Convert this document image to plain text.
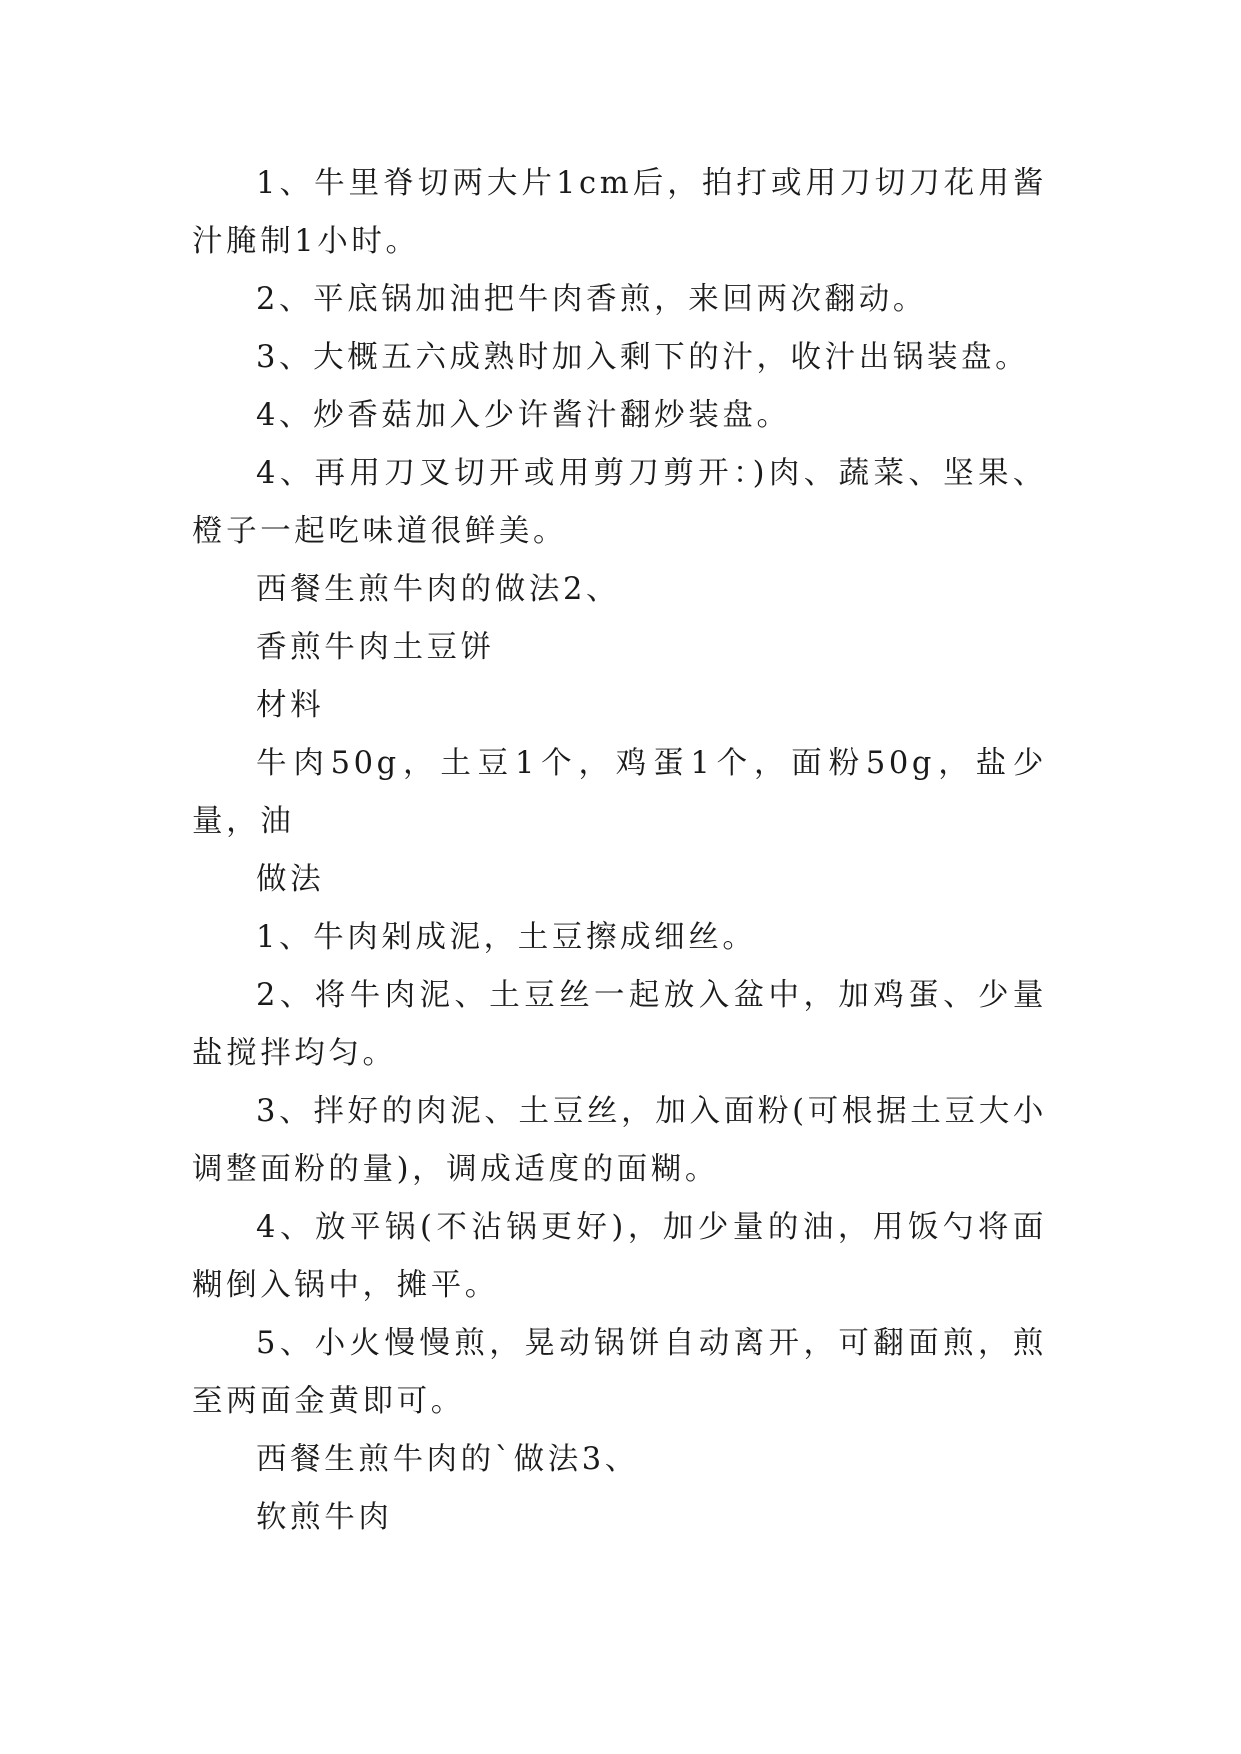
1、牛里脊切两大片1cm后，拍打或用刀切刀花用酱汁腌制1小时。

2、平底锅加油把牛肉香煎，来回两次翻动。

3、大概五六成熟时加入剩下的汁，收汁出锅装盘。

4、炒香菇加入少许酱汁翻炒装盘。

4、再用刀叉切开或用剪刀剪开：)肉、蔬菜、坚果、橙子一起吃味道很鲜美。

西餐生煎牛肉的做法2、

香煎牛肉土豆饼

材料

牛肉50g，土豆1个，鸡蛋1个，面粉50g，盐少量，油

做法

1、牛肉剁成泥，土豆擦成细丝。

2、将牛肉泥、土豆丝一起放入盆中，加鸡蛋、少量盐搅拌均匀。

3、拌好的肉泥、土豆丝，加入面粉(可根据土豆大小调整面粉的量)，调成适度的面糊。

4、放平锅(不沾锅更好)，加少量的油，用饭勺将面糊倒入锅中，摊平。

5、小火慢慢煎，晃动锅饼自动离开，可翻面煎，煎至两面金黄即可。

西餐生煎牛肉的`做法3、

软煎牛肉
